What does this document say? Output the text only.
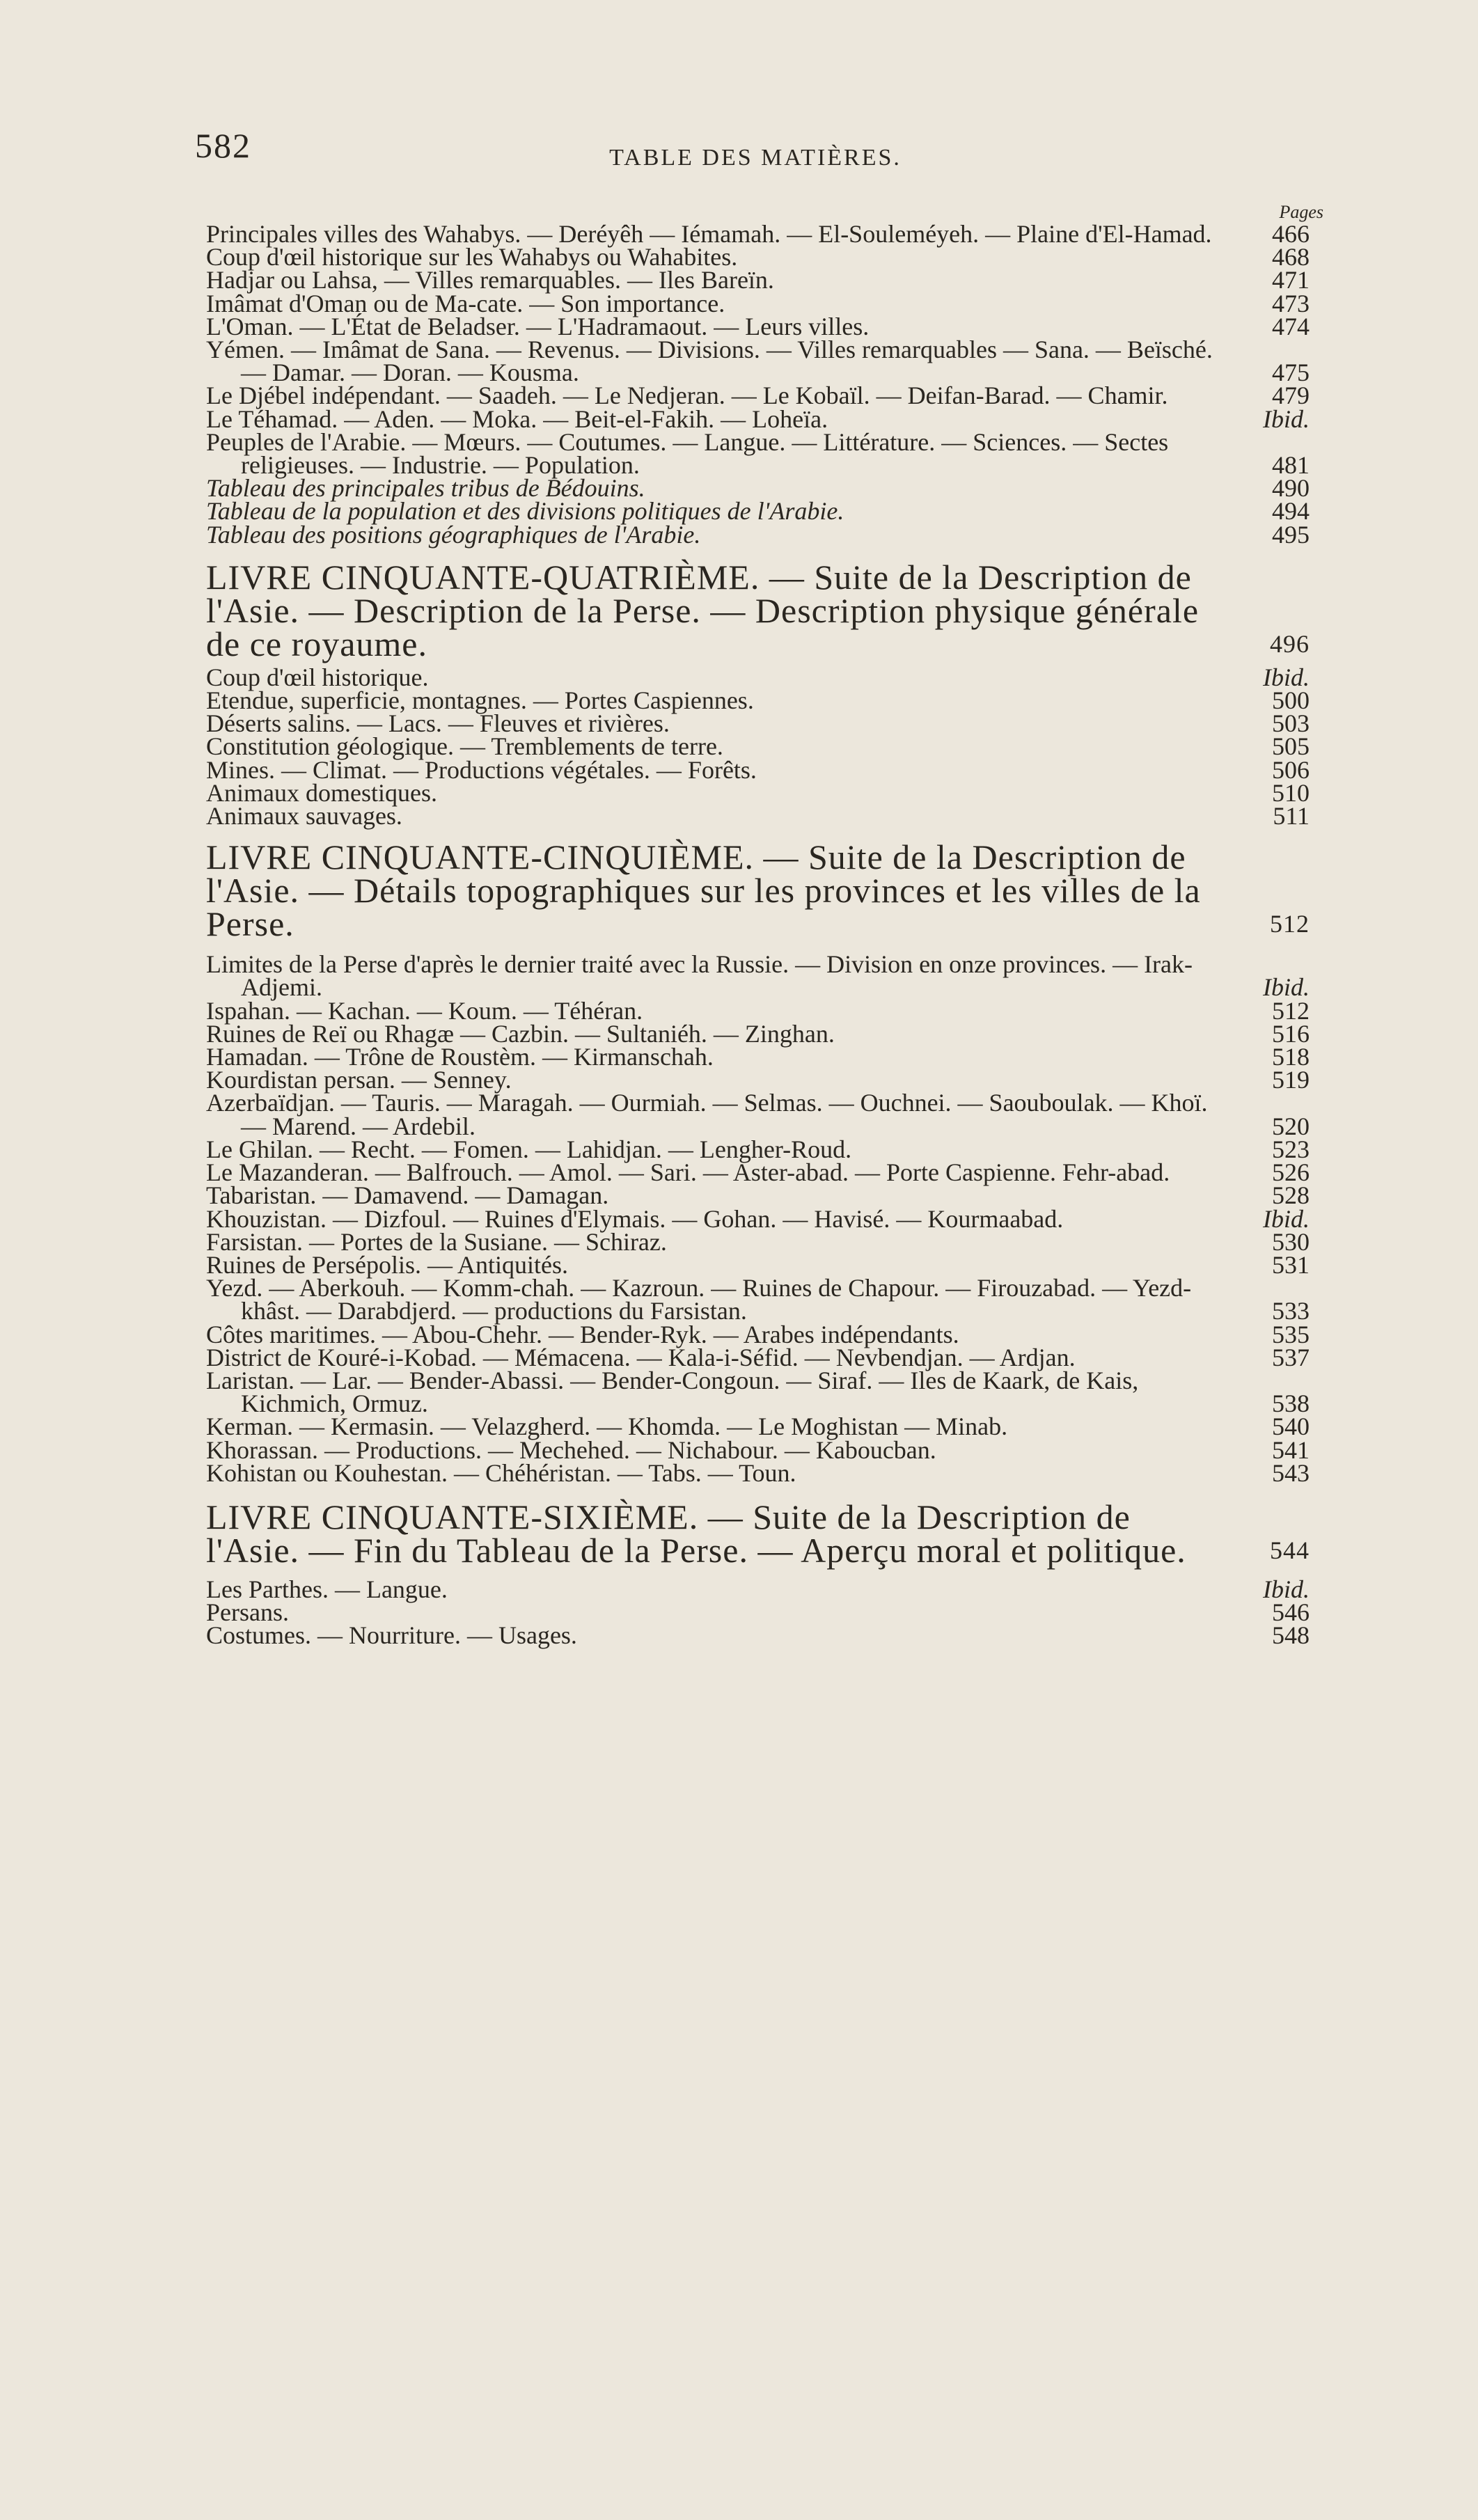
582	TABLE DES MATIÈRES.
Pages
Principales villes des Wahabys. — Deréyêh — Iémamah. — El-Souleméyeh. — Plaine d'El-Hamad.	466
Coup d'œil historique sur les Wahabys ou Wahabites.	468
Hadjar ou Lahsa, — Villes remarquables. — Iles Bareïn.	471
Imâmat d'Oman ou de Ma-cate. — Son importance.	473
L'Oman. — L'État de Beladser. — L'Hadramaout. — Leurs villes.	474
Yémen. — Imâmat de Sana. — Revenus. — Divisions. — Villes remarquables — Sana. — Beïsché. — Damar. — Doran. — Kousma.	475
Le Djébel indépendant. — Saadeh. — Le Nedjeran. — Le Kobaïl. — Deifan-Barad. — Chamir.	479
Le Téhamad. — Aden. — Moka. — Beit-el-Fakih. — Loheïa.	Ibid.
Peuples de l'Arabie. — Mœurs. — Coutumes. — Langue. — Littérature. — Sciences. — Sectes religieuses. — Industrie. — Population.	481
Tableau des principales tribus de Bédouins.	490
Tableau de la population et des divisions politiques de l'Arabie.	494
Tableau des positions géographiques de l'Arabie.	495
LIVRE CINQUANTE-QUATRIÈME. — Suite de la Description de l'Asie. — Description de la Perse. — Description physique générale de ce royaume.	496
Coup d'œil historique.	Ibid.
Etendue, superficie, montagnes. — Portes Caspiennes.	500
Déserts salins. — Lacs. — Fleuves et rivières.	503
Constitution géologique. — Tremblements de terre.	505
Mines. — Climat. — Productions végétales. — Forêts.	506
Animaux domestiques.	510
Animaux sauvages.	511
LIVRE CINQUANTE-CINQUIÈME. — Suite de la Description de l'Asie. — Détails topographiques sur les provinces et les villes de la Perse.	512
Limites de la Perse d'après le dernier traité avec la Russie. — Division en onze provinces. — Irak-Adjemi.	Ibid.
Ispahan. — Kachan. — Koum. — Téhéran.	512
Ruines de Reï ou Rhagæ — Cazbin. — Sultaniéh. — Zinghan.	516
Hamadan. — Trône de Roustèm. — Kirmanschah.	518
Kourdistan persan. — Senney.	519
Azerbaïdjan. — Tauris. — Maragah. — Ourmiah. — Selmas. — Ouchnei. — Saouboulak. — Khoï. — Marend. — Ardebil.	520
Le Ghilan. — Recht. — Fomen. — Lahidjan. — Lengher-Roud.	523
Le Mazanderan. — Balfrouch. — Amol. — Sari. — Aster-abad. — Porte Caspienne. Fehr-abad.	526
Tabaristan. — Damavend. — Damagan.	528
Khouzistan. — Dizfoul. — Ruines d'Elymais. — Gohan. — Havisé. — Kourmaabad.	Ibid.
Farsistan. — Portes de la Susiane. — Schiraz.	530
Ruines de Persépolis. — Antiquités.	531
Yezd. — Aberkouh. — Komm-chah. — Kazroun. — Ruines de Chapour. — Firouzabad. — Yezd-khâst. — Darabdjerd. — productions du Farsistan.	533
Côtes maritimes. — Abou-Chehr. — Bender-Ryk. — Arabes indépendants.	535
District de Kouré-i-Kobad. — Mémacena. — Kala-i-Séfid. — Nevbendjan. — Ardjan.	537
Laristan. — Lar. — Bender-Abassi. — Bender-Congoun. — Siraf. — Iles de Kaark, de Kais, Kichmich, Ormuz.	538
Kerman. — Kermasin. — Velazgherd. — Khomda. — Le Moghistan — Minab.	540
Khorassan. — Productions. — Mechehed. — Nichabour. — Kaboucban.	541
Kohistan ou Kouhestan. — Chéhéristan. — Tabs. — Toun.	543
LIVRE CINQUANTE-SIXIÈME. — Suite de la Description de l'Asie. — Fin du Tableau de la Perse. — Aperçu moral et politique.	544
Les Parthes. — Langue.	Ibid.
Persans.	546
Costumes. — Nourriture. — Usages.	548
